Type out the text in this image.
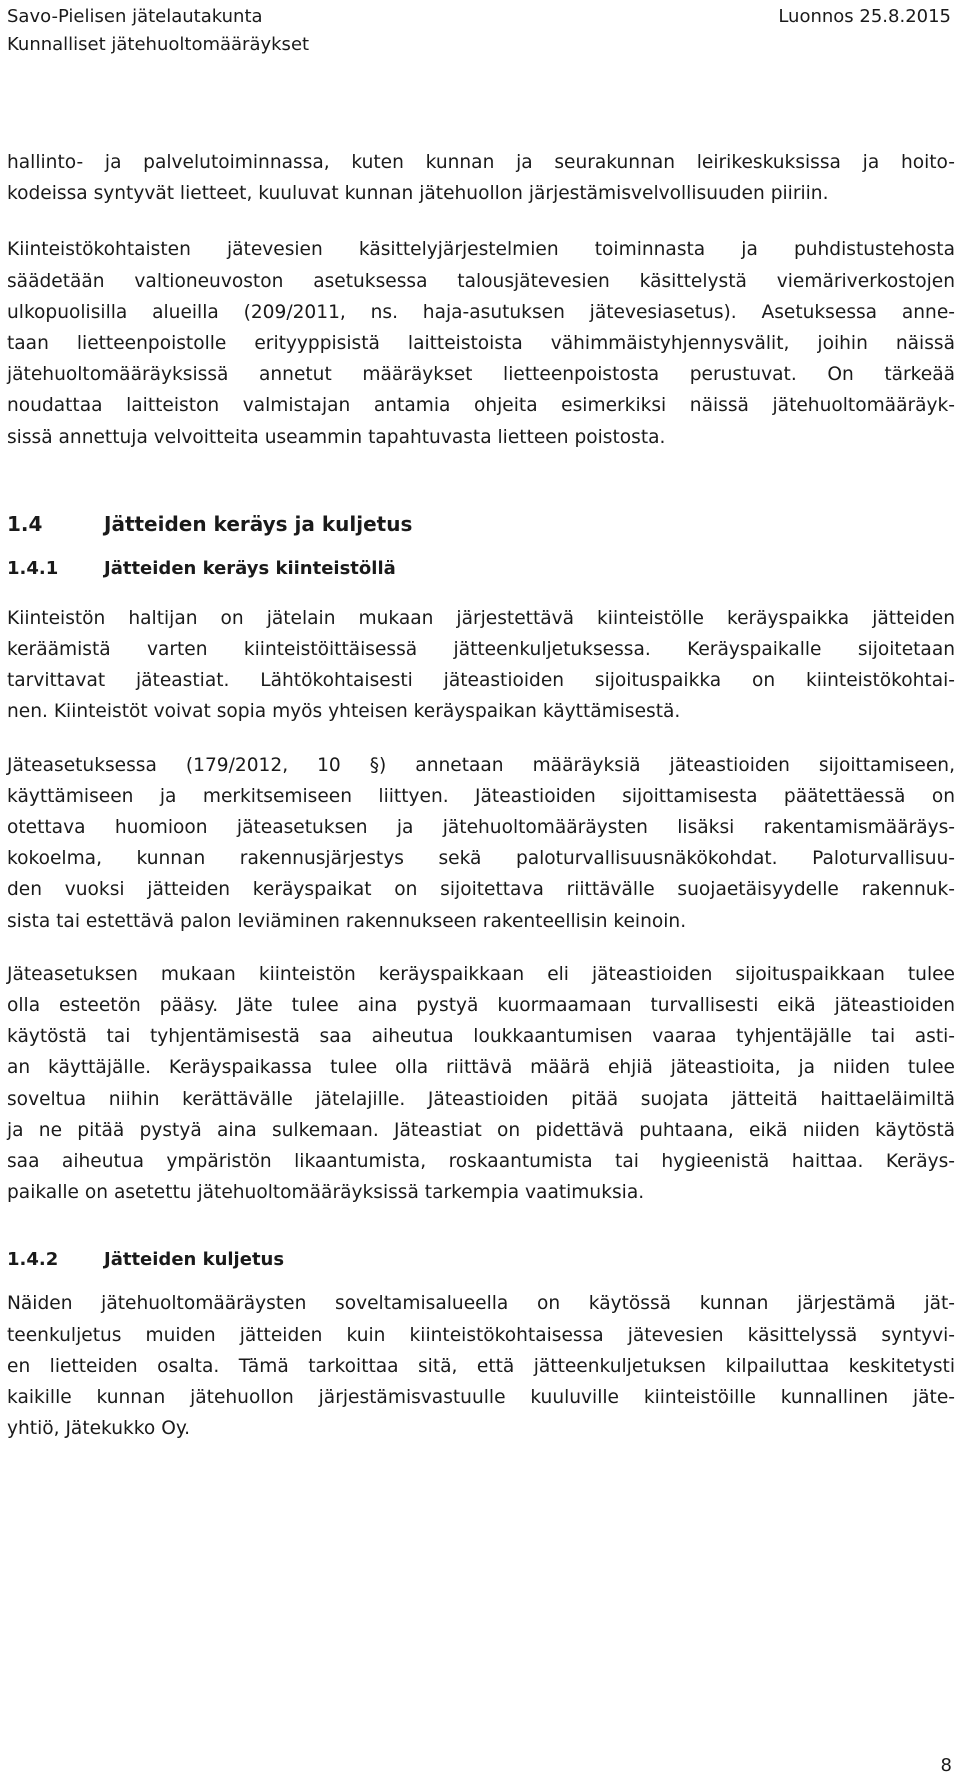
Savo-Pielisen jätelautakunta	Luonnos 25.8.2015
Kunnalliset jätehuoltomääräykset

hallinto- ja palvelutoiminnassa, kuten kunnan ja seurakunnan leirikeskuksissa ja hoito-
kodeissa syntyvät lietteet, kuuluvat kunnan jätehuollon järjestämisvelvollisuuden piiriin.

Kiinteistökohtaisten jätevesien käsittelyjärjestelmien toiminnasta ja puhdistustehosta
säädetään valtioneuvoston asetuksessa talousjätevesien käsittelystä viemäriverkostojen
ulkopuolisilla alueilla (209/2011, ns. haja-asutuksen jätevesiasetus). Asetuksessa anne-
taan lietteenpoistolle erityyppisistä laitteistoista vähimmäistyhjennysvälit, joihin näissä
jätehuoltomääräyksissä annetut määräykset lietteenpoistosta perustuvat. On tärkeää
noudattaa laitteiston valmistajan antamia ohjeita esimerkiksi näissä jätehuoltomääräyk-
sissä annettuja velvoitteita useammin tapahtuvasta lietteen poistosta.

1.4	Jätteiden keräys ja kuljetus
1.4.1	Jätteiden keräys kiinteistöllä

Kiinteistön haltijan on jätelain mukaan järjestettävä kiinteistölle keräyspaikka jätteiden
keräämistä varten kiinteistöittäisessä jätteenkuljetuksessa. Keräyspaikalle sijoitetaan
tarvittavat jäteastiat. Lähtökohtaisesti jäteastioiden sijoituspaikka on kiinteistökohtai-
nen. Kiinteistöt voivat sopia myös yhteisen keräyspaikan käyttämisestä.

Jäteasetuksessa (179/2012, 10 §) annetaan määräyksiä jäteastioiden sijoittamiseen,
käyttämiseen ja merkitsemiseen liittyen. Jäteastioiden sijoittamisesta päätettäessä on
otettava huomioon jäteasetuksen ja jätehuoltomääräysten lisäksi rakentamismääräys-
kokoelma, kunnan rakennusjärjestys sekä paloturvallisuusnäkökohdat. Paloturvallisuu-
den vuoksi jätteiden keräyspaikat on sijoitettava riittävälle suojaetäisyydelle rakennuk-
sista tai estettävä palon leviäminen rakennukseen rakenteellisin keinoin.

Jäteasetuksen mukaan kiinteistön keräyspaikkaan eli jäteastioiden sijoituspaikkaan tulee
olla esteetön pääsy. Jäte tulee aina pystyä kuormaamaan turvallisesti eikä jäteastioiden
käytöstä tai tyhjentämisestä saa aiheutua loukkaantumisen vaaraa tyhjentäjälle tai asti-
an käyttäjälle. Keräyspaikassa tulee olla riittävä määrä ehjiä jäteastioita, ja niiden tulee
soveltua niihin kerättävälle jätelajille. Jäteastioiden pitää suojata jätteitä haittaeläimiltä
ja ne pitää pystyä aina sulkemaan. Jäteastiat on pidettävä puhtaana, eikä niiden käytöstä
saa aiheutua ympäristön likaantumista, roskaantumista tai hygieenistä haittaa. Keräys-
paikalle on asetettu jätehuoltomääräyksissä tarkempia vaatimuksia.

1.4.2	Jätteiden kuljetus

Näiden jätehuoltomääräysten soveltamisalueella on käytössä kunnan järjestämä jät-
teenkuljetus muiden jätteiden kuin kiinteistökohtaisessa jätevesien käsittelyssä syntyvi-
en lietteiden osalta. Tämä tarkoittaa sitä, että jätteenkuljetuksen kilpailuttaa keskitetysti
kaikille kunnan jätehuollon järjestämisvastuulle kuuluville kiinteistöille kunnallinen jäte-
yhtiö, Jätekukko Oy.

8
